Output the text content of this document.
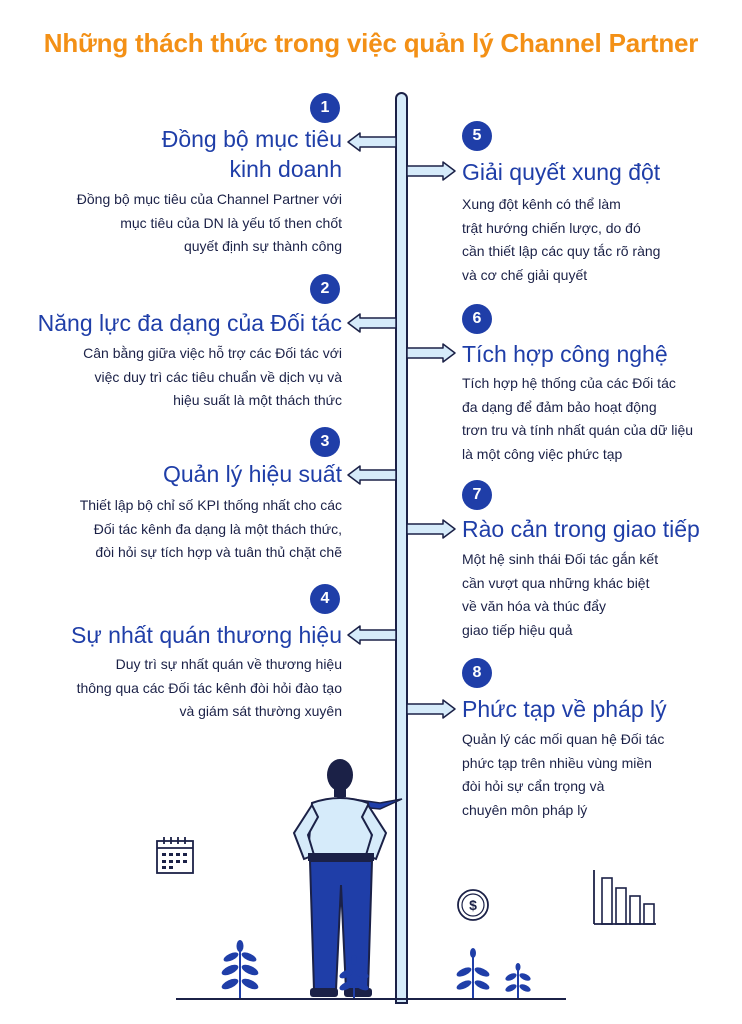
Những thách thức trong việc quản lý Channel Partner
1
Đồng bộ mục tiêu
kinh doanh
Đồng bộ mục tiêu của Channel Partner với
mục tiêu của DN là yếu tố then chốt
quyết định sự thành công
2
Năng lực đa dạng của Đối tác
Cân bằng giữa việc hỗ trợ các Đối tác với
việc duy trì các tiêu chuẩn về dịch vụ và
hiệu suất là một thách thức
3
Quản lý hiệu suất
Thiết lập bộ chỉ số KPI thống nhất cho các
Đối tác kênh đa dạng là một thách thức,
đòi hỏi sự tích hợp và tuân thủ chặt chẽ
4
Sự nhất quán thương hiệu
Duy trì sự nhất quán về thương hiệu
thông qua các Đối tác kênh đòi hỏi đào tạo
và giám sát thường xuyên
5
Giải quyết xung đột
Xung đột kênh có thể làm
trật hướng chiến lược, do đó
cần thiết lập các quy tắc rõ ràng
và cơ chế giải quyết
6
Tích hợp công nghệ
Tích hợp hệ thống của các Đối tác
đa dạng để đảm bảo hoạt động
trơn tru và tính nhất quán của dữ liệu
là một công việc phức tạp
7
Rào cản trong giao tiếp
Một hệ sinh thái Đối tác gắn kết
cần vượt qua những khác biệt
về văn hóa và thúc đẩy
giao tiếp hiệu quả
8
Phức tạp về pháp lý
Quản lý các mối quan hệ Đối tác
phức tạp trên nhiều vùng miền
đòi hỏi sự cẩn trọng và
chuyên môn pháp lý
$
